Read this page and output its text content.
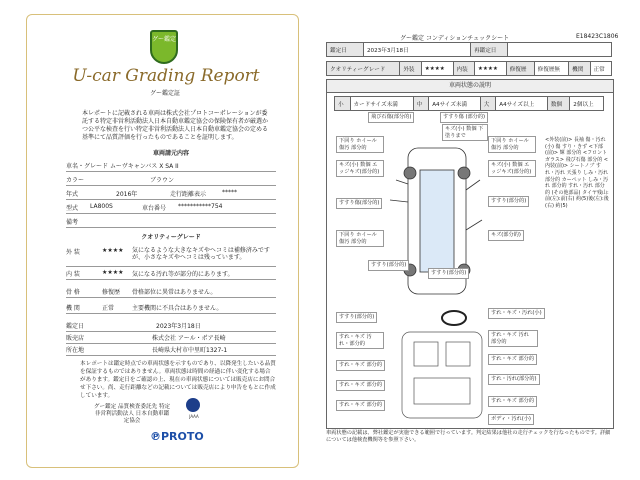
グー鑑定
U-car Grading Report
グー鑑定証
本レポートに記載される車両は株式会社プロトコーポレーションが委託する特定非営利活動法人日本自動車鑑定協会の保険保有者が厳選かつ公平な検査を行い特定非営利活動法人日本自動車鑑定協会の定める基準にて品質評価を行ったものであることを証明します。
車両請元内容
車名・グレード ムーヴキャンバス X SA II
カラー	ブラウン
年式	2016年	走行距離表示	*****
型式 LA800S	車台番号 ***********754
備考
クオリティーグレード
外 装	★★★★ 気になるような大きなキズやヘコミは補修済みですが、小さなキズやヘコミは残っています。
内 装	★★★★ 気になる汚れ等が部分的にあります。
骨 格	修復歴 骨格部位に異常はありません。
機 関	正常	主要機関に不具合はありません。
鑑定日	2023年3月18日
販売店	株式会社 アール・ポア長崎
所在地	長崎県大村市中里町1327-1
本レポートは鑑定時点での車両状態を示すものであり、以降発生したいる品質を保証するものではありません。車両状態は時間の経過に伴い変化する場合があります。鑑定日をご確認の上、現在の車両状態については販売店にお問合せ下さい。尚、走行距離などの記載については販売店により申告をもとに作成しています。
グー鑑定 品質検査委託先 特定非営利活動法人 日本自動車鑑定協会
JAAA
℗PROTO
グー鑑定 コンディションチェックシート	E18423C1806
鑑定日	2023年3月18日	再鑑定日	
クオリティーグレード	外装	★★★★	内装	★★★★	修復歴	修復歴無	機関	正常
車両状態の説明
小	カードサイズ未満	中	A4サイズ未満	大	A4サイズ以上	数個	2個以上
飛び石傷(部分的)	すすり傷 (部分的)
キズ(小) 数個 下塗りまで
キズ(小) 数個 エッジキズ(部分的)
下回り ホイール傷汚 部分的
下回り ホイール傷汚 部分的
すすり傷(部分的)
キズ(小) 数個 エッジキズ(部分的)
すすり(部分的)
下回り ホイール傷汚 部分的
キズ(部分的)
すすり(部分的)
すすり(部分的)
すすり(部分的)
すれ・キズ・汚れ(小)
すれ・キズ 汚れ・部分的
すれ・キズ 汚れ 部分的
すれ・キズ 部分的
すれ・キズ 部分的
すれ・キズ 部分的
すれ・汚れ(部分的)
すれ・キズ 部分的
すれ・キズ 部分的
ボディ・汚れ(小)
<外装(前)> 長袖 傷・汚れ(小) 傷 すり・きず <下部(前)> 輝 部分的 <フロントガラス> 飛び石傷 部分的 <内装(前)> シートノブ すれ・汚れ 天張り しみ・汚れ 部分的 カーペット しみ・汚れ 部分的 すれ・汚れ 部分的 (その他部品) タイヤ残山:前(左):前(右) 約(5)後(左):後(右) 約(5)
車両状態の記載は、弊社鑑定が実施できる範囲で行っています。判定結果は他社の走行チェックを行なったものです。詳細については他検査機関等を参照下さい。
